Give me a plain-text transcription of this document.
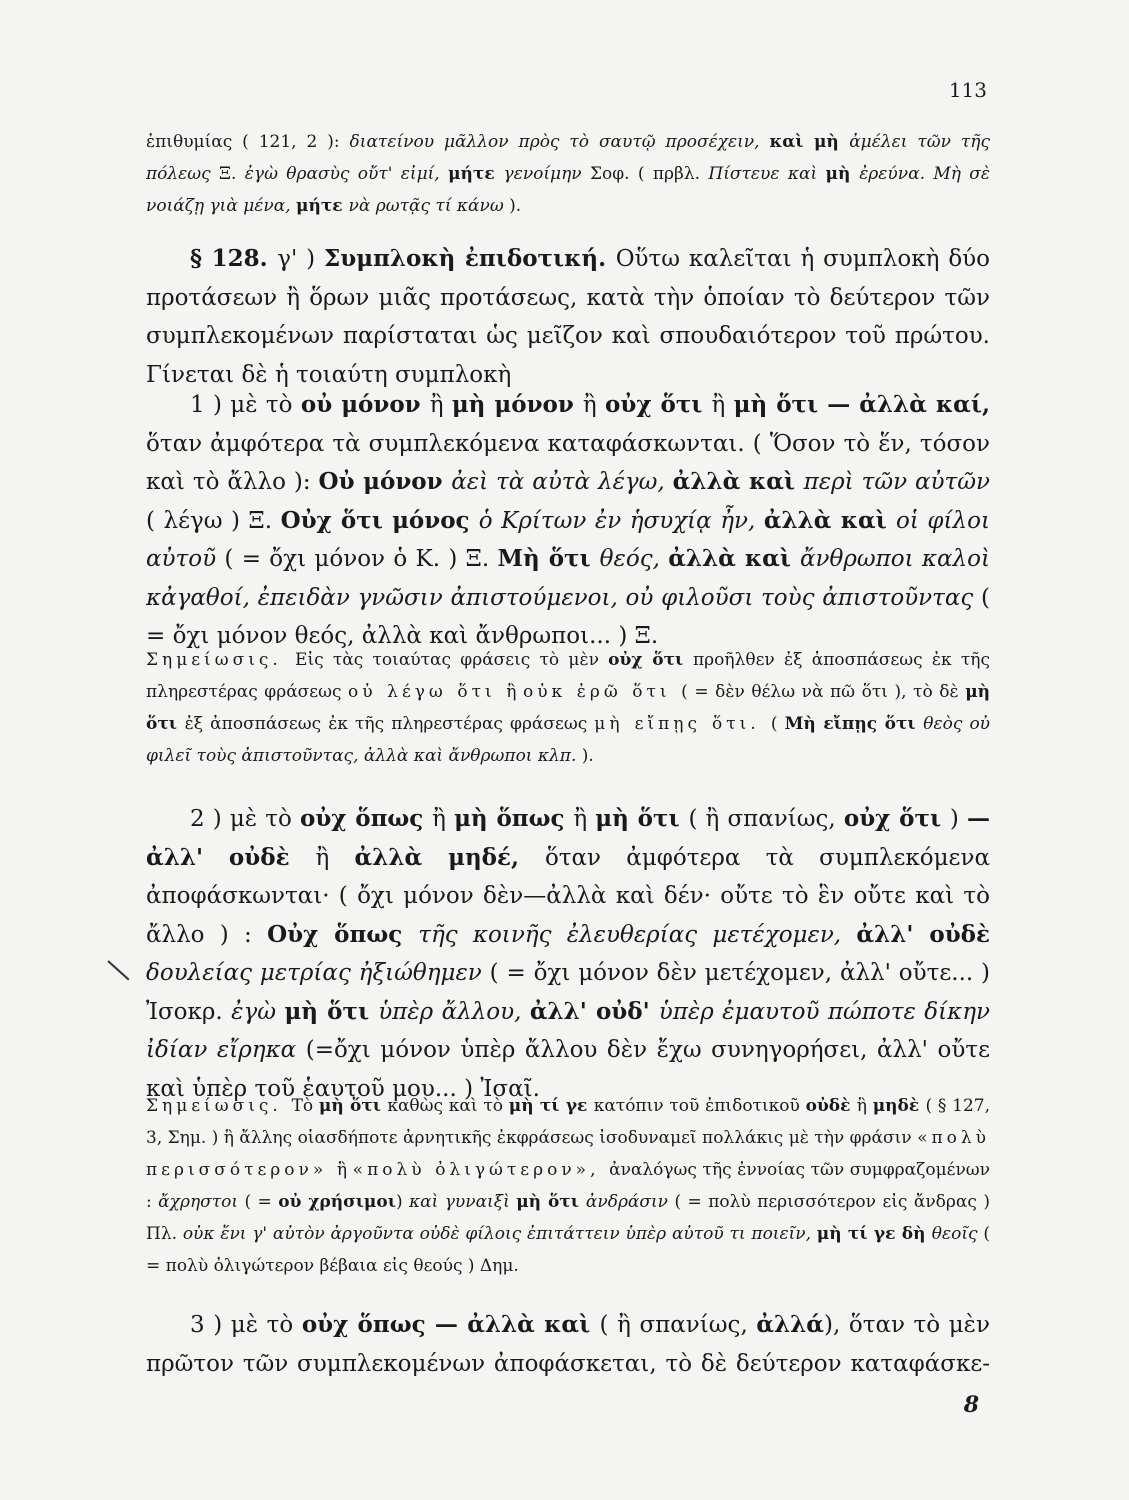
113

ἐπιθυμίας ( 121, 2 ): διατείνου μᾶλλον πρὸς τὸ σαυτῷ προσέχειν, καὶ μὴ ἀμέλει τῶν τῆς πόλεως Ξ. ἐγὼ θρασὺς οὔτ' εἰμί, μήτε γενοίμην Σοφ. ( πρβλ. Πίστευε καὶ μὴ ἐρεύνα. Μὴ σὲ νοιάζῃ γιὰ μένα, μήτε νὰ ρωτᾷς τί κάνω ).

§ 128. γ' ) Συμπλοκὴ ἐπιδοτική. Οὕτω καλεῖται ἡ συμπλοκὴ δύο προτάσεων ἢ ὅρων μιᾶς προτάσεως, κατὰ τὴν ὁποίαν τὸ δεύτερον τῶν συμπλεκομένων παρίσταται ὡς μεῖζον καὶ σπουδαιότερον τοῦ πρώτου. Γίνεται δὲ ἡ τοιαύτη συμπλοκὴ

1 ) μὲ τὸ οὐ μόνον ἢ μὴ μόνον ἢ οὐχ ὅτι ἢ μὴ ὅτι — ἀλλὰ καί, ὅταν ἀμφότερα τὰ συμπλεκόμενα καταφάσκωνται. ( Ὅσον τὸ ἕν, τόσον καὶ τὸ ἄλλο ): Οὐ μόνον ἀεὶ τὰ αὐτὰ λέγω, ἀλλὰ καὶ περὶ τῶν αὐτῶν ( λέγω ) Ξ. Οὐχ ὅτι μόνος ὁ Κρίτων ἐν ἡσυχίᾳ ἦν, ἀλλὰ καὶ οἱ φίλοι αὐτοῦ ( = ὄχι μόνον ὁ Κ. ) Ξ. Μὴ ὅτι θεός, ἀλλὰ καὶ ἄνθρωποι καλοὶ κἀγαθοί, ἐπειδὰν γνῶσιν ἀπιστούμενοι, οὐ φιλοῦσι τοὺς ἀπιστοῦντας ( = ὄχι μόνον θεός, ἀλλὰ καὶ ἄνθρωποι... ) Ξ.

Σημείωσις. Εἰς τὰς τοιαύτας φράσεις τὸ μὲν οὐχ ὅτι προῆλθεν ἐξ ἀποσπάσεως ἐκ τῆς πληρεστέρας φράσεως οὐ λέγω ὅτι ἢ οὐκ ἐρῶ ὅτι ( = δὲν θέλω νὰ πῶ ὅτι ), τὸ δὲ μὴ ὅτι ἐξ ἀποσπάσεως ἐκ τῆς πληρεστέρας φράσεως μὴ εἴπῃς ὅτι. ( Μὴ εἴπῃς ὅτι θεὸς οὐ φιλεῖ τοὺς ἀπιστοῦντας, ἀλλὰ καὶ ἄνθρωποι κλπ. ).

2 ) μὲ τὸ οὐχ ὅπως ἢ μὴ ὅπως ἢ μὴ ὅτι ( ἢ σπανίως, οὐχ ὅτι ) — ἀλλ' οὐδὲ ἢ ἀλλὰ μηδέ, ὅταν ἀμφότερα τὰ συμπλεκόμενα ἀποφάσκωνται· ( ὄχι μόνον δὲν—ἀλλὰ καὶ δέν· οὔτε τὸ ἓν οὔτε καὶ τὸ ἄλλο ) : Οὐχ ὅπως τῆς κοινῆς ἐλευθερίας μετέχομεν, ἀλλ' οὐδὲ δουλείας μετρίας ἠξιώθημεν ( = ὄχι μόνον δὲν μετέχομεν, ἀλλ' οὔτε... ) Ἰσοκρ. ἐγὼ μὴ ὅτι ὑπὲρ ἄλλου, ἀλλ' οὐδ' ὑπὲρ ἐμαυτοῦ πώποτε δίκην ἰδίαν εἴρηκα (=ὄχι μόνον ὑπὲρ ἄλλου δὲν ἔχω συνηγορήσει, ἀλλ' οὔτε καὶ ὑπὲρ τοῦ ἑαυτοῦ μου... ) Ἰσαῖ.

Σημείωσις. Τὸ μὴ ὅτι καθὼς καὶ τὸ μὴ τί γε κατόπιν τοῦ ἐπιδοτικοῦ οὐδὲ ἢ μηδὲ ( § 127, 3, Σημ. ) ἢ ἄλλης οἱασδήποτε ἀρνητικῆς ἐκφράσεως ἰσοδυναμεῖ πολλάκις μὲ τὴν φράσιν «πολὺ περισσότερον» ἢ «πολὺ ὀλιγώτερον», ἀναλόγως τῆς ἐννοίας τῶν συμφραζομένων : ἄχρηστοι ( = οὐ χρήσιμοι) καὶ γυναιξὶ μὴ ὅτι ἀνδράσιν ( = πολὺ περισσότερον εἰς ἄνδρας ) Πλ. οὐκ ἔνι γ' αὐτὸν ἀργοῦντα οὐδὲ φίλοις ἐπιτάττειν ὑπὲρ αὐτοῦ τι ποιεῖν, μὴ τί γε δὴ θεοῖς ( = πολὺ ὀλιγώτερον βέβαια εἰς θεούς ) Δημ.

3 ) μὲ τὸ οὐχ ὅπως — ἀλλὰ καὶ ( ἢ σπανίως, ἀλλά), ὅταν τὸ μὲν πρῶτον τῶν συμπλεκομένων ἀποφάσκεται, τὸ δὲ δεύτερον καταφάσκε-

8
